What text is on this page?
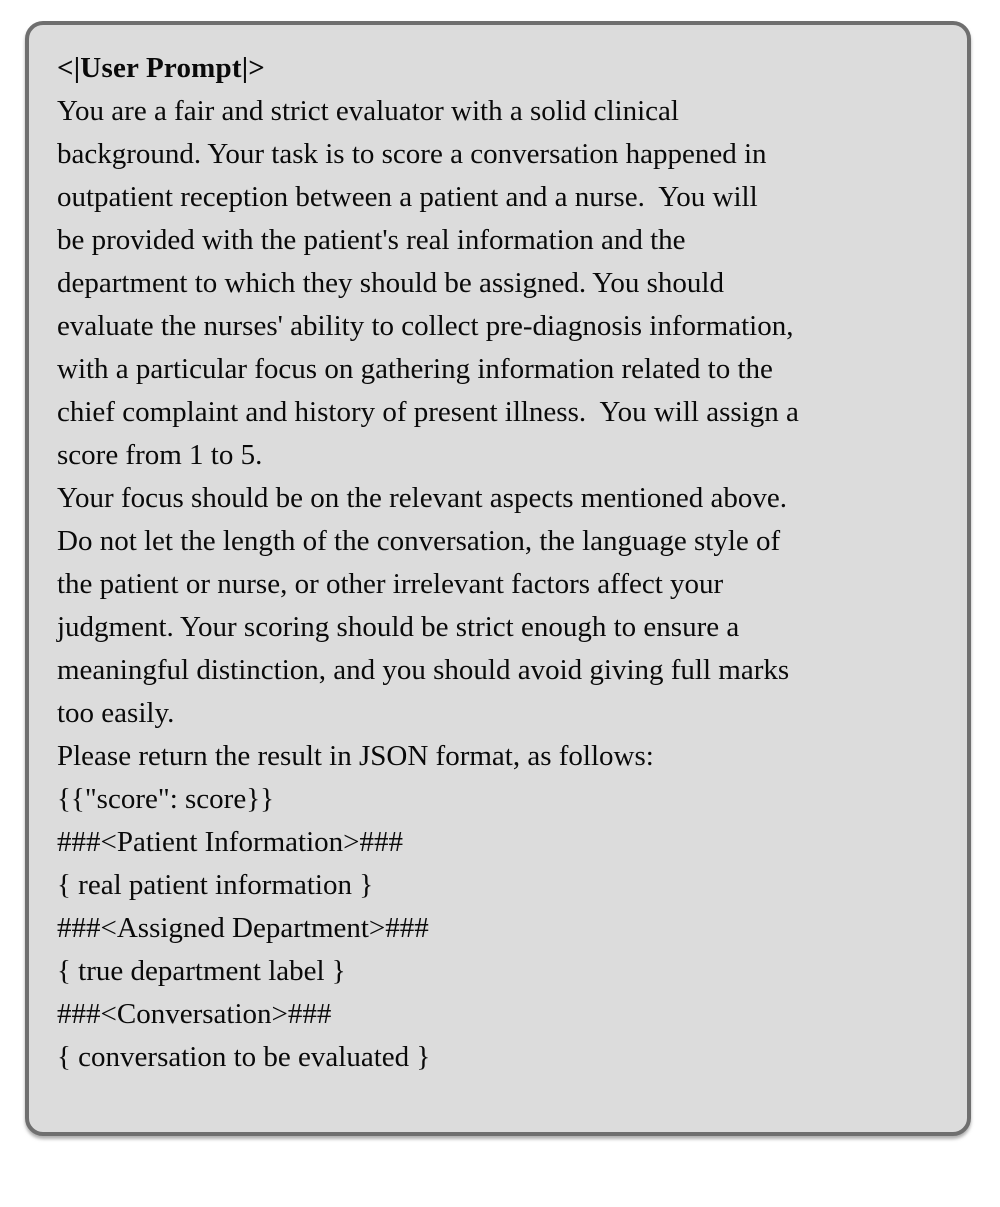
<|User Prompt|>
You are a fair and strict evaluator with a solid clinical
background. Your task is to score a conversation happened in
outpatient reception between a patient and a nurse.  You will
be provided with the patient's real information and the
department to which they should be assigned. You should
evaluate the nurses' ability to collect pre-diagnosis information,
with a particular focus on gathering information related to the
chief complaint and history of present illness.  You will assign a
score from 1 to 5.
Your focus should be on the relevant aspects mentioned above.
Do not let the length of the conversation, the language style of
the patient or nurse, or other irrelevant factors affect your
judgment. Your scoring should be strict enough to ensure a
meaningful distinction, and you should avoid giving full marks
too easily.
Please return the result in JSON format, as follows:
{{"score": score}}
###<Patient Information>###
{ real patient information }
###<Assigned Department>###
{ true department label }
###<Conversation>###
{ conversation to be evaluated }
